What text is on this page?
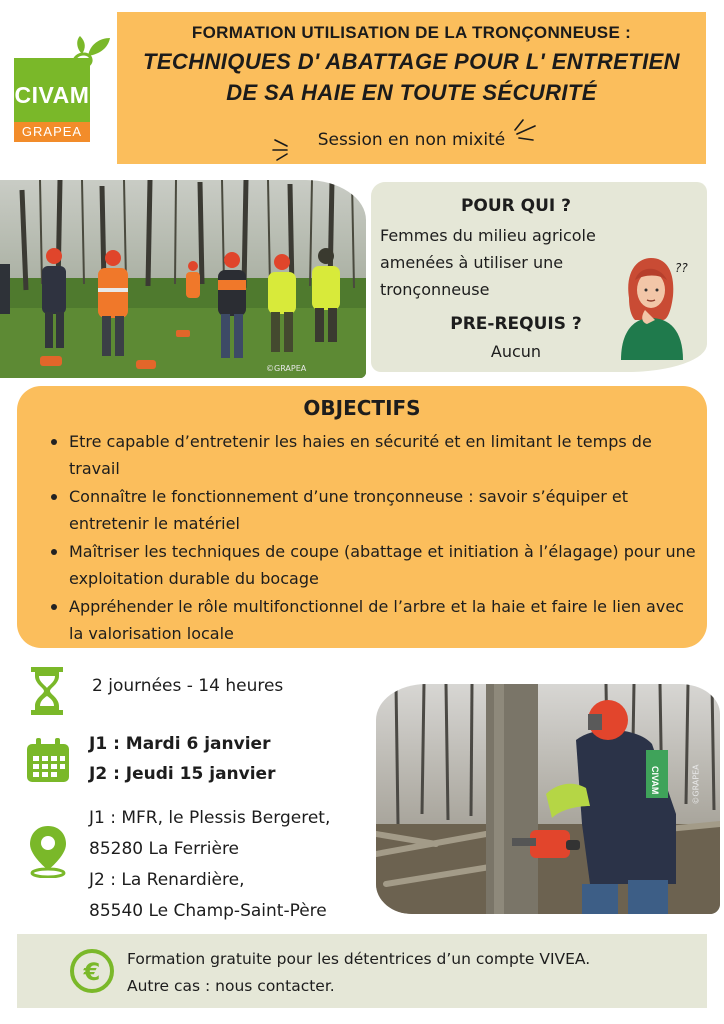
CIVAM
GRAPEA
FORMATION UTILISATION DE LA TRONÇONNEUSE :
TECHNIQUES D' ABATTAGE POUR L' ENTRETIEN
DE SA HAIE EN TOUTE SÉCURITÉ
Session en non mixité
©GRAPEA
POUR QUI ?
Femmes du milieu agricole
amenées à utiliser une
tronçonneuse
PRE-REQUIS ?
Aucun
??
OBJECTIFS
Etre capable d’entretenir les haies en sécurité et en limitant le temps de travail
Connaître le fonctionnement d’une tronçonneuse : savoir s’équiper et entretenir le matériel
Maîtriser les techniques de coupe (abattage et initiation à l’élagage) pour une exploitation durable du bocage
Appréhender le rôle multifonctionnel de l’arbre et la haie et faire le lien avec la valorisation locale
2 journées - 14 heures
J1 : Mardi 6 janvier
J2 : Jeudi 15 janvier
J1 : MFR, le Plessis Bergeret,
85280 La Ferrière
J2 : La Renardière,
85540 Le Champ-Saint-Père
CIVAM	©GRAPEA
€ Formation gratuite pour les détentrices d’un compte VIVEA.
Autre cas : nous contacter.
